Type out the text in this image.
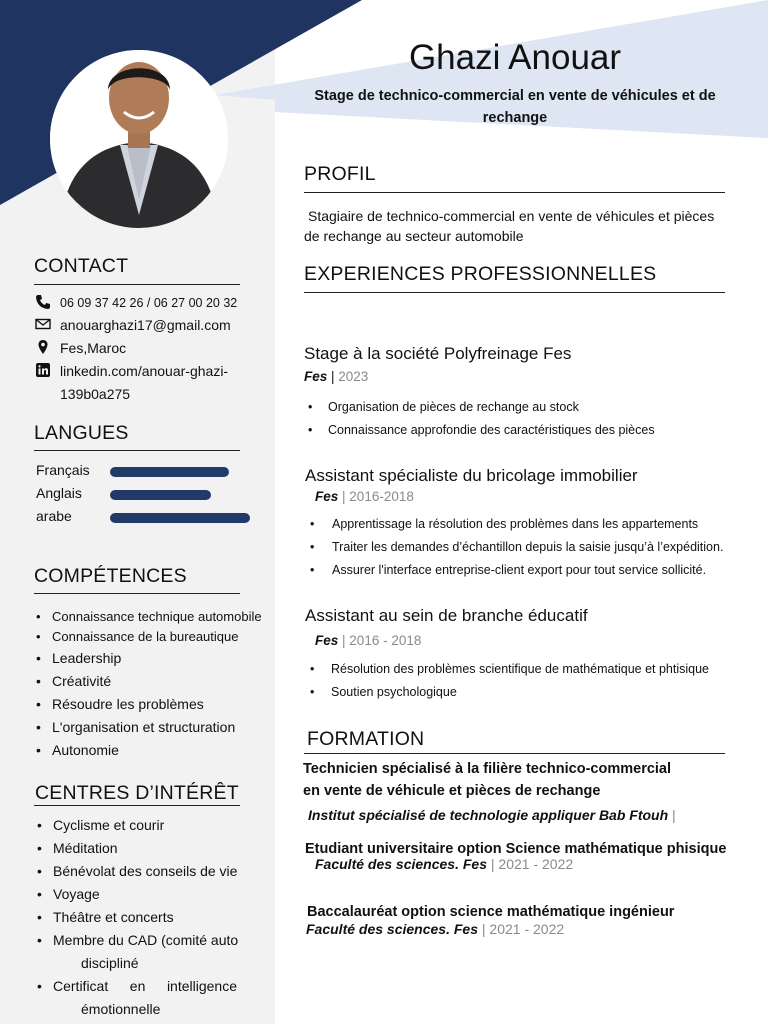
Ghazi Anouar
Stage de technico-commercial en vente de véhicules et de rechange
CONTACT
06 09 37 42 26 / 06 27 00 20 32
anouarghazi17@gmail.com
Fes,Maroc
linkedin.com/anouar-ghazi-
139b0a275
LANGUES
Français
Anglais
arabe
COMPÉTENCES
• Connaissance technique automobile
• Connaissance de la bureautique
• Leadership
• Créativité
• Résoudre les problèmes
• L'organisation et structuration
• Autonomie
CENTRES D’INTÉRÊT
• Cyclisme et courir
• Méditation
• Bénévolat des conseils de vie
• Voyage
• Théâtre et concerts
• Membre du CAD (comité auto
discipliné
• Certificat en intelligence
émotionnelle
PROFIL
Stagiaire de technico-commercial en vente de véhicules et pièces
de rechange au secteur automobile
EXPERIENCES PROFESSIONNELLES
Stage à la société Polyfreinage Fes
Fes | 2023
• Organisation de pièces de rechange au stock
• Connaissance approfondie des caractéristiques des pièces
Assistant spécialiste du bricolage immobilier
Fes | 2016-2018
• Apprentissage la résolution des problèmes dans les appartements
• Traiter les demandes d’échantillon depuis la saisie jusqu’à l’expédition.
• Assurer l'interface entreprise-client export pour tout service sollicité.
Assistant au sein de branche éducatif
Fes | 2016 - 2018
• Résolution des problèmes scientifique de mathématique et phtisique
• Soutien psychologique
FORMATION
Technicien spécialisé à la filière technico-commercial
en vente de véhicule et pièces de rechange
Institut spécialisé de technologie appliquer Bab Ftouh |
Etudiant universitaire option Science mathématique phisique
Faculté des sciences. Fes | 2021 - 2022
Baccalauréat option science mathématique ingénieur
Faculté des sciences. Fes | 2021 - 2022
